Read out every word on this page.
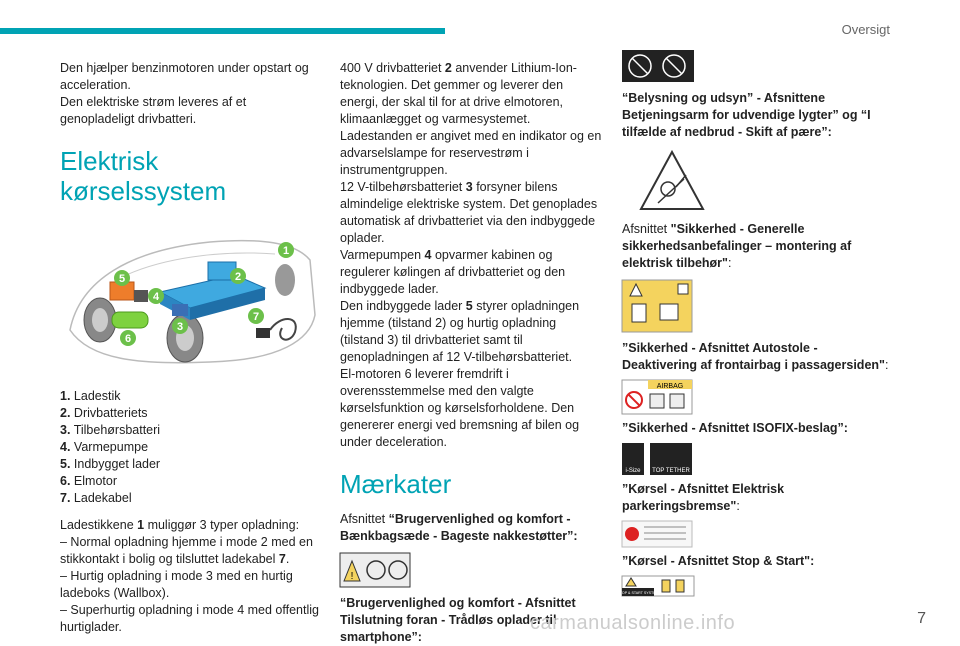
Oversigt
7

Den hjælper benzinmotoren under opstart og acceleration.

Den elektriske strøm leveres af et genopladeligt drivbatteri.

Elektrisk kørselssystem
1
2
3
4
5
6
7
1. Ladestik
2. Drivbatteriets
3. Tilbehørsbatteri
4. Varmepumpe
5. Indbygget lader
6. Elmotor
7. Ladekabel

Ladestikkene 1 muliggør 3 typer opladning:

– Normal opladning hjemme i mode 2 med en stikkontakt i bolig og tilsluttet ladekabel 7.

– Hurtig opladning i mode 3 med en hurtig ladeboks (Wallbox).

– Superhurtig opladning i mode 4 med offentlig hurtiglader.

400 V drivbatteriet 2 anvender Lithium-Ion-teknologien. Det gemmer og leverer den energi, der skal til for at drive elmotoren, klimaanlægget og varmesystemet. Ladestanden er angivet med en indikator og en advarselslampe for reservestrøm i instrumentgruppen.

12 V-tilbehørsbatteriet 3 forsyner bilens almindelige elektriske system. Det genoplades automatisk af drivbatteriet via den indbyggede oplader.

Varmepumpen 4 opvarmer kabinen og regulerer kølingen af drivbatteriet og den indbyggede lader.

Den indbyggede lader 5 styrer opladningen hjemme (tilstand 2) og hurtig opladning (tilstand 3) til drivbatteriet samt til genopladningen af 12 V-tilbehørsbatteriet.

El-motoren 6 leverer fremdrift i overensstemmelse med den valgte kørselsfunktion og kørselsforholdene. Den genererer energi ved bremsning af bilen og under deceleration.

Mærkater

Afsnittet “Brugervenlighed og komfort - Bænkbagsæde - Bageste nakkestøtter”:

!

“Brugervenlighed og komfort - Afsnittet Tilslutning foran - Trådløs oplader til smartphone”:

“Belysning og udsyn” - Afsnittene Betjeningsarm for udvendige lygter” og “I tilfælde af nedbrud - Skift af pære”:

Afsnittet "Sikkerhed - Generelle sikkerhedsanbefalinger – montering af elektrisk tilbehør":

”Sikkerhed - Afsnittet Autostole - Deaktivering af frontairbag i passagersiden":

AIRBAG

”Sikkerhed - Afsnittet ISOFIX-beslag”:

i-Size TOP TETHER

”Kørsel - Afsnittet Elektrisk parkeringsbremse":

”Kørsel - Afsnittet Stop & Start":

STOP & START SYSTEM
carmanualsonline.info
